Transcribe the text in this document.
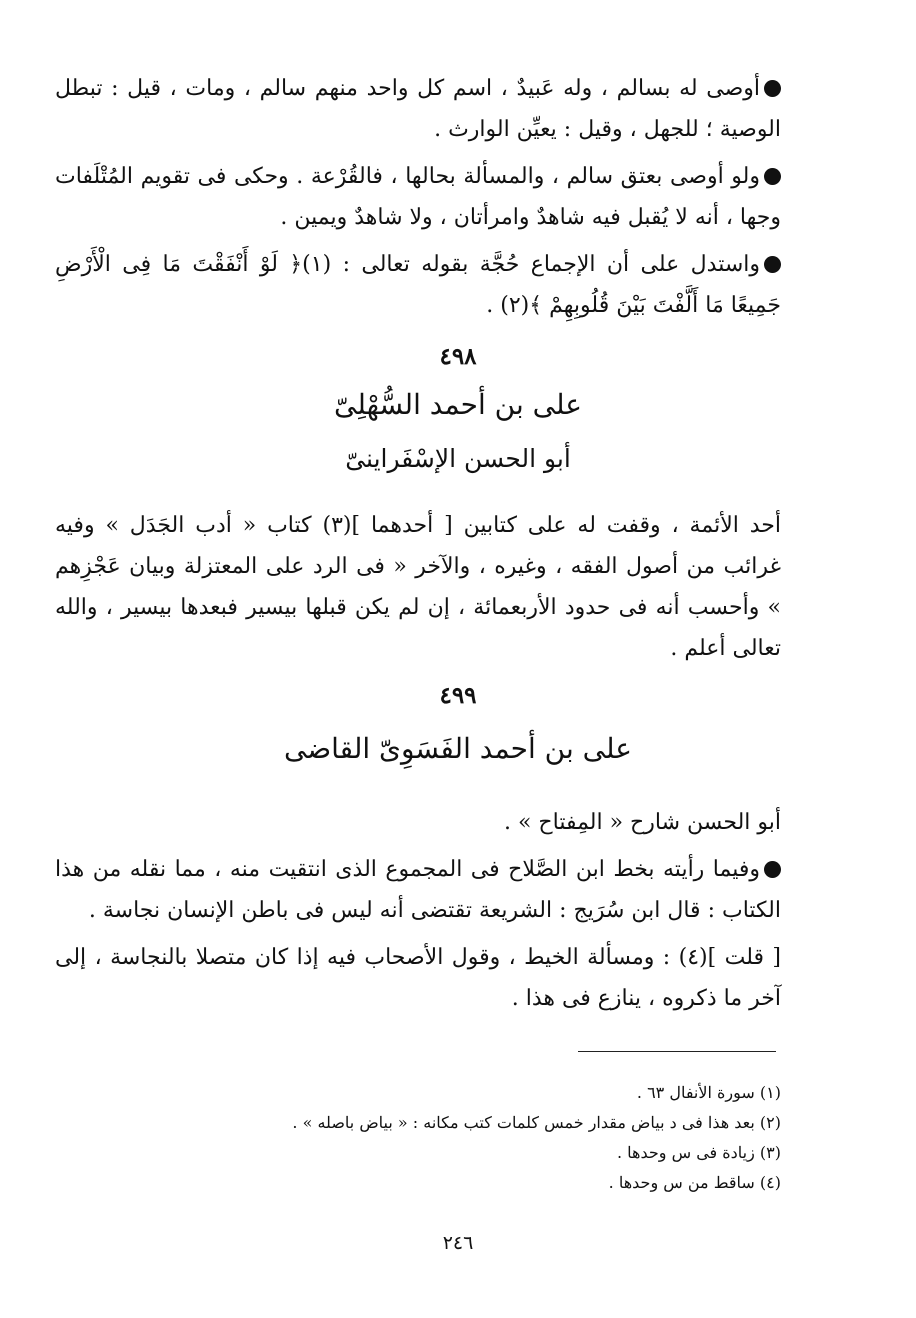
أوصى له بسالم ، وله عَبيدٌ ، اسم كل واحد منهم سالم ، ومات ، قيل : تبطل الوصية ؛ للجهل ، وقيل : يعيِّن الوارث .

ولو أوصى بعتق سالم ، والمسألة بحالها ، فالقُرْعة . وحكى فى تقويم المُتْلَفات وجها ، أنه لا يُقبل فيه شاهدٌ وامرأتان ، ولا شاهدٌ ويمين .

واستدل على أن الإجماع حُجَّة بقوله تعالى : (١)﴿ لَوْ أَنْفَقْتَ مَا فِى الْأَرْضِ جَمِيعًا مَا أَلَّفْتَ بَيْنَ قُلُوبِهِمْ ﴾(٢) .

٤٩٨
على بن أحمد السُّهْلِىّ
أبو الحسن الإسْفَراينىّ

أحد الأئمة ، وقفت له على كتابين [ أحدهما ](٣) كتاب « أدب الجَدَل » وفيه غرائب من أصول الفقه ، وغيره ، والآخر « فى الرد على المعتزلة وبيان عَجْزِهم » وأحسب أنه فى حدود الأربعمائة ، إن لم يكن قبلها بيسير فبعدها بيسير ، والله تعالى أعلم .

٤٩٩
على بن أحمد الفَسَوِىّ القاضى

أبو الحسن شارح « المِفتاح » .

وفيما رأيته بخط ابن الصَّلاح فى المجموع الذى انتقيت منه ، مما نقله من هذا الكتاب : قال ابن سُرَيج : الشريعة تقتضى أنه ليس فى باطن الإنسان نجاسة .

[ قلت ](٤) : ومسألة الخيط ، وقول الأصحاب فيه إذا كان متصلا بالنجاسة ، إلى آخر ما ذكروه ، ينازع فى هذا .

(١) سورة الأنفال ٦٣ .

(٢) بعد هذا فى د بياض مقدار خمس كلمات كتب مكانه : « بياض باصله » .

(٣) زيادة فى س وحدها .

(٤) ساقط من س وحدها .

٢٤٦
